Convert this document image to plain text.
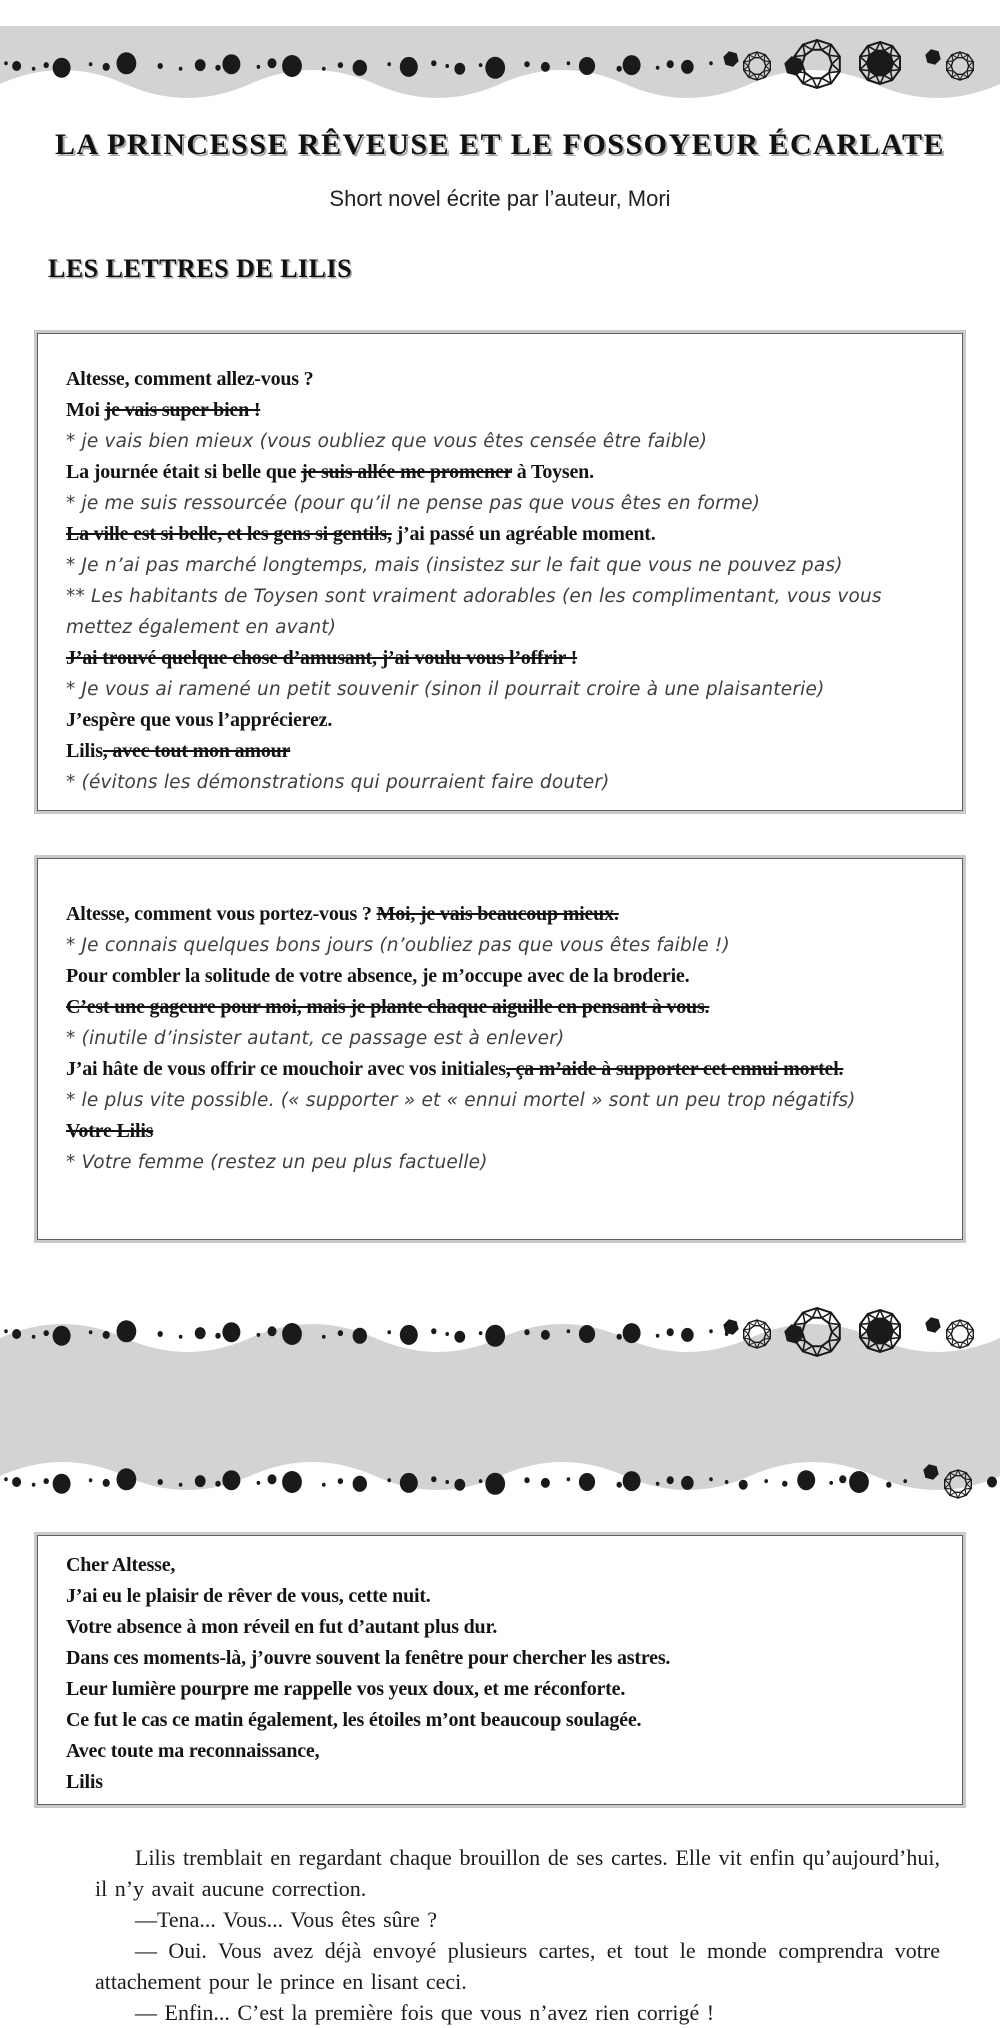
LA PRINCESSE RÊVEUSE ET LE FOSSOYEUR ÉCARLATE
Short novel écrite par l’auteur, Mori
LES LETTRES DE LILIS

Altesse, comment allez-vous ?

Moi je vais super bien !

* je vais bien mieux (vous oubliez que vous êtes censée être faible)

La journée était si belle que je suis allée me promener à Toysen.

* je me suis ressourcée (pour qu’il ne pense pas que vous êtes en forme)

La ville est si belle, et les gens si gentils, j’ai passé un agréable moment.

* Je n’ai pas marché longtemps, mais (insistez sur le fait que vous ne pouvez pas)

** Les habitants de Toysen sont vraiment adorables (en les complimentant, vous vous mettez également en avant)

J’ai trouvé quelque chose d’amusant, j’ai voulu vous l’offrir !

* Je vous ai ramené un petit souvenir (sinon il pourrait croire à une plaisanterie)

J’espère que vous l’apprécierez.

Lilis, avec tout mon amour

* (évitons les démonstrations qui pourraient faire douter)

Altesse, comment vous portez-vous ? Moi, je vais beaucoup mieux.

* Je connais quelques bons jours (n’oubliez pas que vous êtes faible !)

Pour combler la solitude de votre absence, je m’occupe avec de la broderie.

C’est une gageure pour moi, mais je plante chaque aiguille en pensant à vous.

* (inutile d’insister autant, ce passage est à enlever)

J’ai hâte de vous offrir ce mouchoir avec vos initiales, ça m’aide à supporter cet ennui mortel.

* le plus vite possible. (« supporter » et « ennui mortel » sont un peu trop négatifs)

Votre Lilis

* Votre femme (restez un peu plus factuelle)

Cher Altesse,

J’ai eu le plaisir de rêver de vous, cette nuit.

Votre absence à mon réveil en fut d’autant plus dur.

Dans ces moments-là, j’ouvre souvent la fenêtre pour chercher les astres.

Leur lumière pourpre me rappelle vos yeux doux, et me réconforte.

Ce fut le cas ce matin également, les étoiles m’ont beaucoup soulagée.

Avec toute ma reconnaissance,

Lilis

Lilis tremblait en regardant chaque brouillon de ses cartes. Elle vit enfin qu’aujourd’hui, il n’y avait aucune correction.

—Tena... Vous... Vous êtes sûre ?

— Oui. Vous avez déjà envoyé plusieurs cartes, et tout le monde comprendra votre attachement pour le prince en lisant ceci.

— Enfin... C’est la première fois que vous n’avez rien corrigé !
